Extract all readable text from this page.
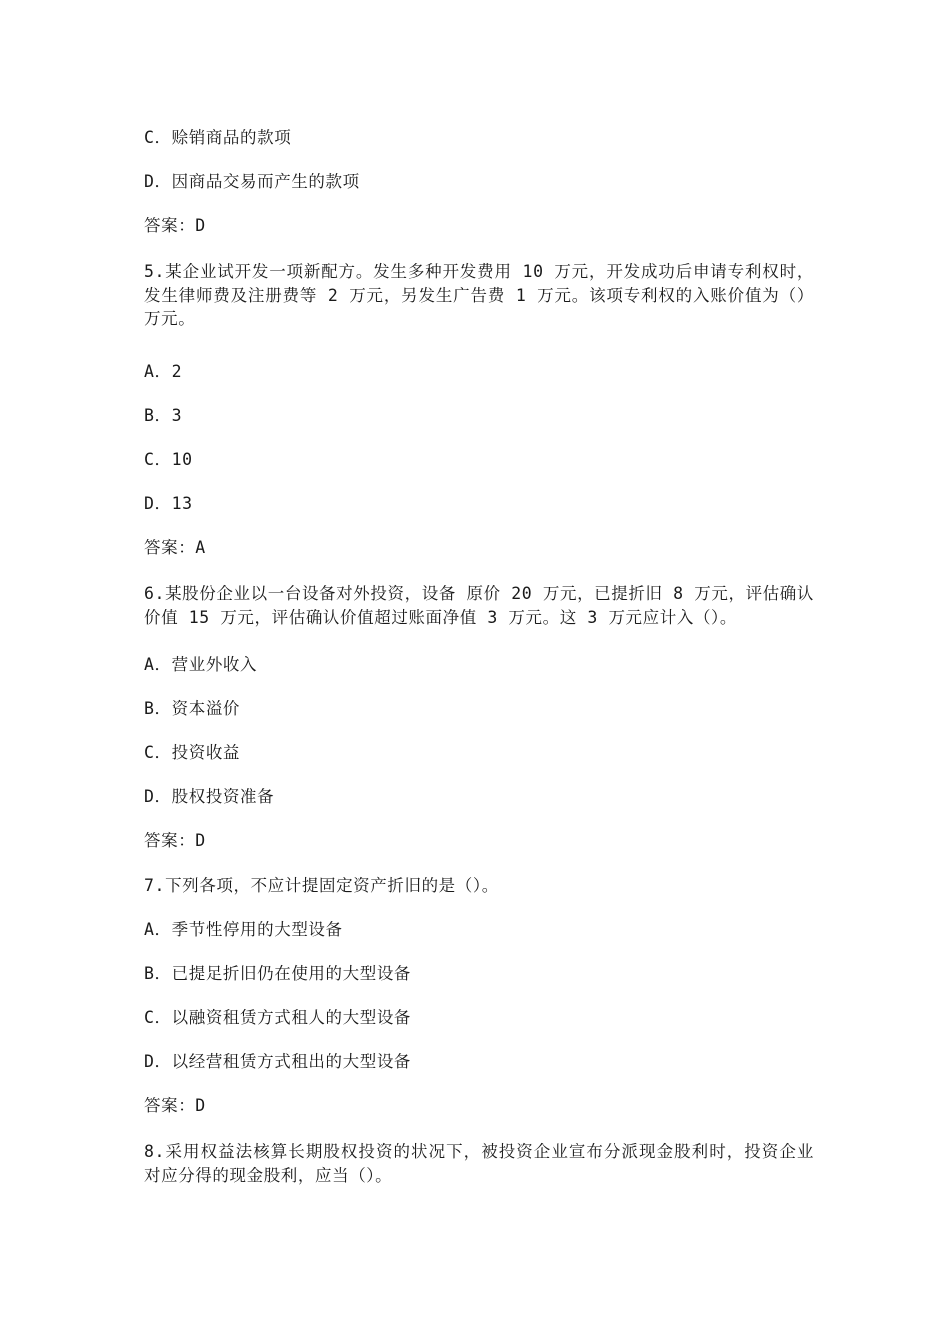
C．赊销商品的款项
D．因商品交易而产生的款项
答案：D
5.某企业试开发一项新配方。发生多种开发费用 10 万元，开发成功后申请专利权时，发生律师费及注册费等 2 万元，另发生广告费 1 万元。该项专利权的入账价值为（）万元。
A．2
B．3
C．10
D．13
答案：A
6.某股份企业以一台设备对外投资，设备 原价 20 万元，已提折旧 8 万元，评估确认价值 15 万元，评估确认价值超过账面净值 3 万元。这 3 万元应计入（）。
A．营业外收入
B．资本溢价
C．投资收益
D．股权投资准备
答案：D
7.下列各项，不应计提固定资产折旧的是（）。
A．季节性停用的大型设备
B．已提足折旧仍在使用的大型设备
C．以融资租赁方式租人的大型设备
D．以经营租赁方式租出的大型设备
答案：D
8.采用权益法核算长期股权投资的状况下，被投资企业宣布分派现金股利时，投资企业对应分得的现金股利，应当（）。
